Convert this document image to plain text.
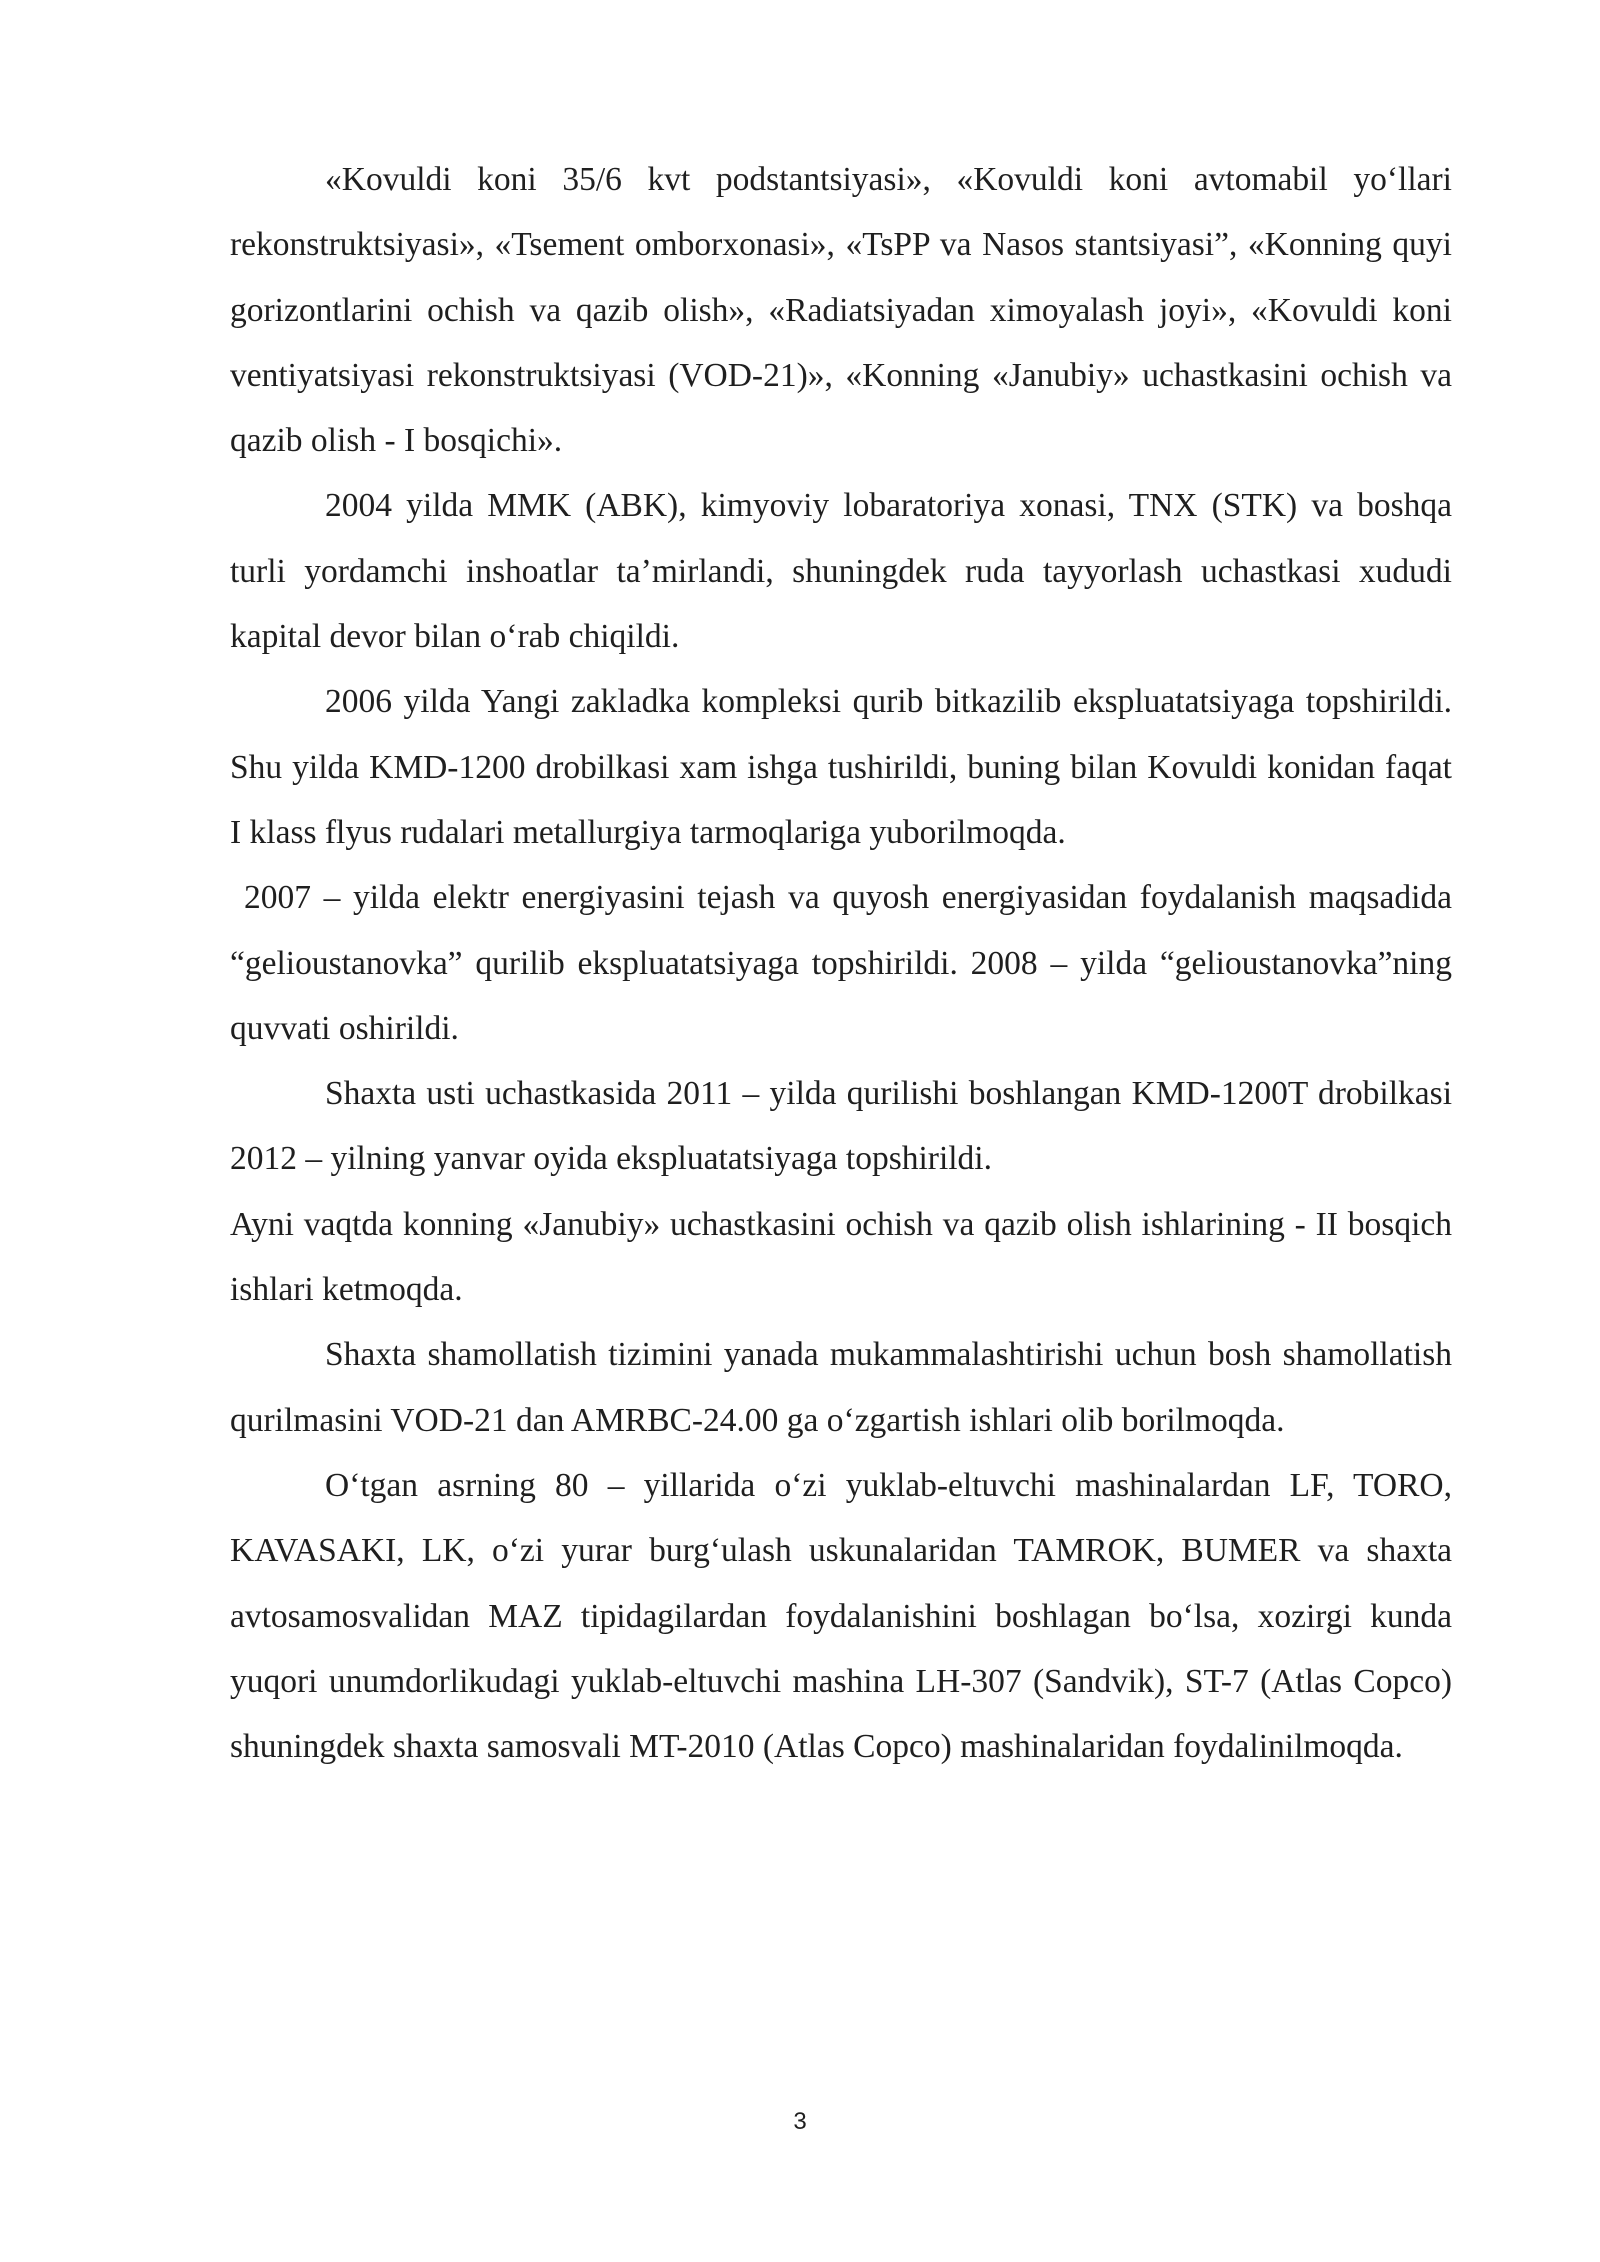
«Kovuldi koni 35/6 kvt podstantsiyasi», «Kovuldi koni avtomabil yo‘llari rekonstruktsiyasi», «Tsement omborxonasi», «TsPP va Nasos stantsiyasi”, «Konning quyi gorizontlarini ochish va qazib olish», «Radiatsiyadan ximoyalash joyi», «Kovuldi koni ventiyatsiyasi rekonstruktsiyasi (VOD-21)», «Konning «Janubiy» uchastkasini ochish va qazib olish - I bosqichi».

2004 yilda MMK (ABK), kimyoviy lobaratoriya xonasi, TNX (STK) va boshqa turli yordamchi inshoatlar ta’mirlandi, shuningdek ruda tayyorlash uchastkasi xududi kapital devor bilan o‘rab chiqildi.

2006 yilda Yangi zakladka kompleksi qurib bitkazilib ekspluatatsiyaga topshirildi. Shu yilda KMD-1200 drobilkasi xam ishga tushirildi, buning bilan Kovuldi konidan faqat I klass flyus rudalari metallurgiya tarmoqlariga yuborilmoqda.

2007 – yilda elektr energiyasini tejash va quyosh energiyasidan foydalanish maqsadida “gelioustanovka” qurilib ekspluatatsiyaga topshirildi. 2008 – yilda “gelioustanovka”ning quvvati oshirildi.

Shaxta usti uchastkasida 2011 – yilda qurilishi boshlangan KMD-1200T drobilkasi 2012 – yilning yanvar oyida ekspluatatsiyaga topshirildi.

Ayni vaqtda konning «Janubiy» uchastkasini ochish va qazib olish ishlarining - II bosqich ishlari ketmoqda.

Shaxta shamollatish tizimini yanada mukammalashtirishi uchun bosh shamollatish qurilmasini VOD-21 dan AMRBC-24.00 ga o‘zgartish ishlari olib borilmoqda.

O‘tgan asrning 80 – yillarida o‘zi yuklab-eltuvchi mashinalardan LF, TORO, KAVASAKI, LK, o‘zi yurar burg‘ulash uskunalaridan TAMROK, BUMER va shaxta avtosamosvalidan MAZ tipidagilardan foydalanishini boshlagan bo‘lsa, xozirgi kunda yuqori unumdorlikudagi yuklab-eltuvchi mashina LH-307 (Sandvik), ST-7 (Atlas Copco) shuningdek shaxta samosvali MT-2010 (Atlas Copco) mashinalaridan foydalinilmoqda.

3
